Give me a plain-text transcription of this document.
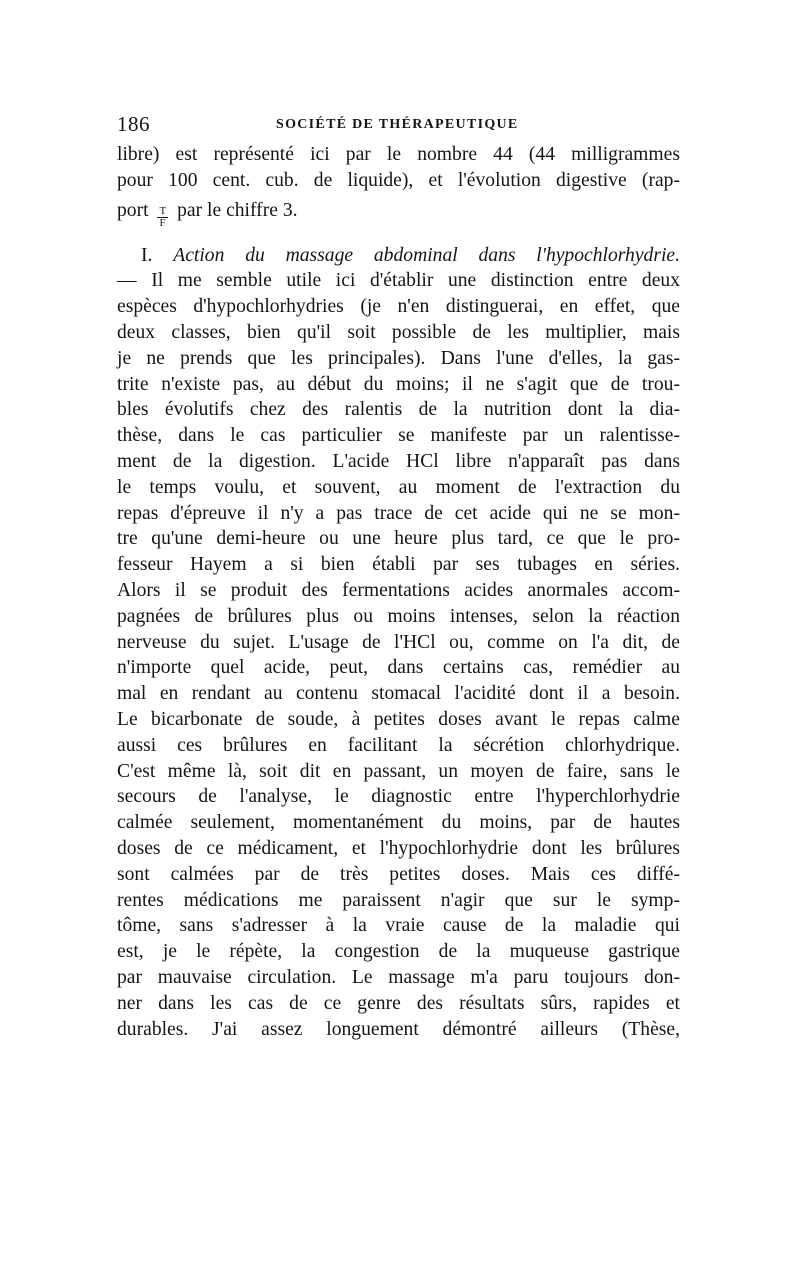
186	SOCIÉTÉ DE THÉRAPEUTIQUE
libre) est représenté ici par le nombre 44 (44 milligrammes
pour 100 cent. cub. de liquide), et l'évolution digestive (rap-
port $\frac{T}{F}$ par le chiffre 3.
I. Action du massage abdominal dans l'hypochlorhydrie.
— Il me semble utile ici d'établir une distinction entre deux
espèces d'hypochlorhydries (je n'en distinguerai, en effet, que
deux classes, bien qu'il soit possible de les multiplier, mais
je ne prends que les principales). Dans l'une d'elles, la gas-
trite n'existe pas, au début du moins; il ne s'agit que de trou-
bles évolutifs chez des ralentis de la nutrition dont la dia-
thèse, dans le cas particulier se manifeste par un ralentisse-
ment de la digestion. L'acide HCl libre n'apparaît pas dans
le temps voulu, et souvent, au moment de l'extraction du
repas d'épreuve il n'y a pas trace de cet acide qui ne se mon-
tre qu'une demi-heure ou une heure plus tard, ce que le pro-
fesseur Hayem a si bien établi par ses tubages en séries.
Alors il se produit des fermentations acides anormales accom-
pagnées de brûlures plus ou moins intenses, selon la réaction
nerveuse du sujet. L'usage de l'HCl ou, comme on l'a dit, de
n'importe quel acide, peut, dans certains cas, remédier au
mal en rendant au contenu stomacal l'acidité dont il a besoin.
Le bicarbonate de soude, à petites doses avant le repas calme
aussi ces brûlures en facilitant la sécrétion chlorhydrique.
C'est même là, soit dit en passant, un moyen de faire, sans le
secours de l'analyse, le diagnostic entre l'hyperchlorhydrie
calmée seulement, momentanément du moins, par de hautes
doses de ce médicament, et l'hypochlorhydrie dont les brûlures
sont calmées par de très petites doses. Mais ces diffé-
rentes médications me paraissent n'agir que sur le symp-
tôme, sans s'adresser à la vraie cause de la maladie qui
est, je le répète, la congestion de la muqueuse gastrique
par mauvaise circulation. Le massage m'a paru toujours don-
ner dans les cas de ce genre des résultats sûrs, rapides et
durables. J'ai assez longuement démontré ailleurs (Thèse,
